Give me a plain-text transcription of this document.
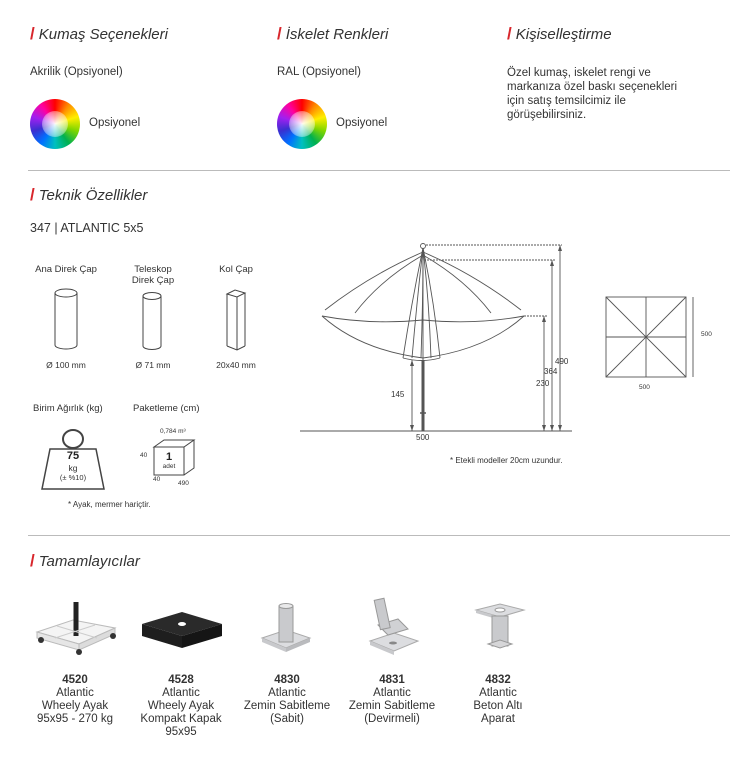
/ Kumaş Seçenekleri
Akrilik (Opsiyonel)
Opsiyonel
/ İskelet Renkleri
RAL (Opsiyonel)
Opsiyonel
/ Kişiselleştirme
Özel kumaş, iskelet rengi ve markanıza özel baskı seçenekleri için satış temsilcimiz ile görüşebilirsiniz.
/ Teknik Özellikler
347 | ATLANTIC 5x5
Ana Direk Çap	Teleskop
Direk Çap
Kol Çap
Ø 100 mm	Ø 71 mm	20x40 mm
Birim Ağırlık (kg)	Paketleme (cm)
75
kg
(± %10)
0,784 m³
1
adet
40
40
490
* Ayak, mermer hariçtir.
145
230
364
490
500
500
500
* Etekli modeller 20cm uzundur.
/ Tamamlayıcılar
4520
Atlantic
Wheely Ayak
95x95 - 270 kg
4528
Atlantic
Wheely Ayak
Kompakt Kapak
95x95
4830
Atlantic
Zemin Sabitleme
(Sabit)
4831
Atlantic
Zemin Sabitleme
(Devirmeli)
4832
Atlantic
Beton Altı
Aparat
